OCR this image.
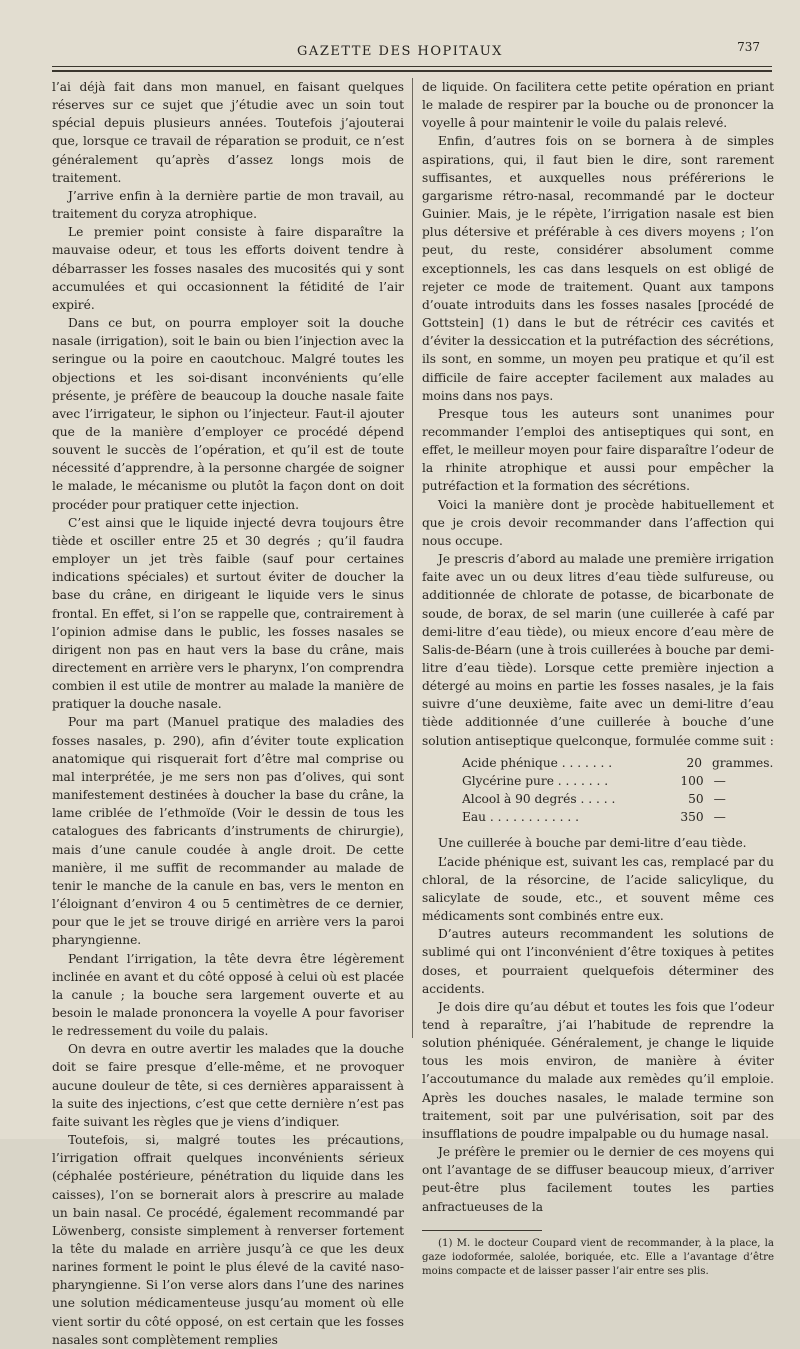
GAZETTE DES HOPITAUX	737

l’ai déjà fait dans mon manuel, en faisant quelques réserves sur ce sujet que j’étudie avec un soin tout spécial depuis plusieurs années. Toutefois j’ajouterai que, lorsque ce travail de réparation se produit, ce n’est généralement qu’après d’assez longs mois de traitement.

J’arrive enfin à la dernière partie de mon travail, au traitement du coryza atrophique.

Le premier point consiste à faire disparaître la mauvaise odeur, et tous les efforts doivent tendre à débarrasser les fosses nasales des mucosités qui y sont accumulées et qui occasionnent la fétidité de l’air expiré.

Dans ce but, on pourra employer soit la douche nasale (irrigation), soit le bain ou bien l’injection avec la seringue ou la poire en caoutchouc. Malgré toutes les objections et les soi-disant inconvénients qu’elle présente, je préfère de beaucoup la douche nasale faite avec l’irrigateur, le siphon ou l’injecteur. Faut-il ajouter que de la manière d’employer ce procédé dépend souvent le succès de l’opération, et qu’il est de toute nécessité d’apprendre, à la personne chargée de soigner le malade, le mécanisme ou plutôt la façon dont on doit procéder pour pratiquer cette injection.

C’est ainsi que le liquide injecté devra toujours être tiède et osciller entre 25 et 30 degrés ; qu’il faudra employer un jet très faible (sauf pour certaines indications spéciales) et surtout éviter de doucher la base du crâne, en dirigeant le liquide vers le sinus frontal. En effet, si l’on se rappelle que, contrairement à l’opinion admise dans le public, les fosses nasales se dirigent non pas en haut vers la base du crâne, mais directement en arrière vers le pharynx, l’on comprendra combien il est utile de montrer au malade la manière de pratiquer la douche nasale.

Pour ma part (Manuel pratique des maladies des fosses nasales, p. 290), afin d’éviter toute explication anatomique qui risquerait fort d’être mal comprise ou mal interprétée, je me sers non pas d’olives, qui sont manifestement destinées à doucher la base du crâne, la lame criblée de l’ethmoïde (Voir le dessin de tous les catalogues des fabricants d’instruments de chirurgie), mais d’une canule coudée à angle droit. De cette manière, il me suffit de recommander au malade de tenir le manche de la canule en bas, vers le menton en l’éloignant d’environ 4 ou 5 centimètres de ce dernier, pour que le jet se trouve dirigé en arrière vers la paroi pharyngienne.

Pendant l’irrigation, la tête devra être légèrement inclinée en avant et du côté opposé à celui où est placée la canule ; la bouche sera largement ouverte et au besoin le malade prononcera la voyelle A pour favoriser le redressement du voile du palais.

On devra en outre avertir les malades que la douche doit se faire presque d’elle-même, et ne provoquer aucune douleur de tête, si ces dernières apparaissent à la suite des injections, c’est que cette dernière n’est pas faite suivant les règles que je viens d’indiquer.

Toutefois, si, malgré toutes les précautions, l’irrigation offrait quelques inconvénients sérieux (céphalée postérieure, pénétration du liquide dans les caisses), l’on se bornerait alors à prescrire au malade un bain nasal. Ce procédé, également recommandé par Löwenberg, consiste simplement à renverser fortement la tête du malade en arrière jusqu’à ce que les deux narines forment le point le plus élevé de la cavité naso-pharyngienne. Si l’on verse alors dans l’une des narines une solution médicamenteuse jusqu’au moment où elle vient sortir du côté opposé, on est certain que les fosses nasales sont complètement remplies

de liquide. On facilitera cette petite opération en priant le malade de respirer par la bouche ou de prononcer la voyelle â pour maintenir le voile du palais relevé.

Enfin, d’autres fois on se bornera à de simples aspirations, qui, il faut bien le dire, sont rarement suffisantes, et auxquelles nous préférerions le gargarisme rétro-nasal, recommandé par le docteur Guinier. Mais, je le répète, l’irrigation nasale est bien plus détersive et préférable à ces divers moyens ; l’on peut, du reste, considérer absolument comme exceptionnels, les cas dans lesquels on est obligé de rejeter ce mode de traitement. Quant aux tampons d’ouate introduits dans les fosses nasales [procédé de Gottstein] (1) dans le but de rétrécir ces cavités et d’éviter la dessiccation et la putréfaction des sécrétions, ils sont, en somme, un moyen peu pratique et qu’il est difficile de faire accepter facilement aux malades au moins dans nos pays.

Presque tous les auteurs sont unanimes pour recommander l’emploi des antiseptiques qui sont, en effet, le meilleur moyen pour faire disparaître l’odeur de la rhinite atrophique et aussi pour empêcher la putréfaction et la formation des sécrétions.

Voici la manière dont je procède habituellement et que je crois devoir recommander dans l’affection qui nous occupe.

Je prescris d’abord au malade une première irrigation faite avec un ou deux litres d’eau tiède sulfureuse, ou additionnée de chlorate de potasse, de bicarbonate de soude, de borax, de sel marin (une cuillerée à café par demi-litre d’eau tiède), ou mieux encore d’eau mère de Salis-de-Béarn (une à trois cuillerées à bouche par demi-litre d’eau tiède). Lorsque cette première injection a détergé au moins en partie les fosses nasales, je la fais suivre d’une deuxième, faite avec un demi-litre d’eau tiède additionnée d’une cuillerée à bouche d’une solution antiseptique quelconque, formulée comme suit :

Acide phénique . . . . . . .	20 grammes.
Glycérine pure . . . . . . .	100 —
Alcool à 90 degrés . . . . .	50 —
Eau . . . . . . . . . . . .	350 —

Une cuillerée à bouche par demi-litre d’eau tiède.

L’acide phénique est, suivant les cas, remplacé par du chloral, de la résorcine, de l’acide salicylique, du salicylate de soude, etc., et souvent même ces médicaments sont combinés entre eux.

D’autres auteurs recommandent les solutions de sublimé qui ont l’inconvénient d’être toxiques à petites doses, et pourraient quelquefois déterminer des accidents.

Je dois dire qu’au début et toutes les fois que l’odeur tend à reparaître, j’ai l’habitude de reprendre la solution phéniquée. Généralement, je change le liquide tous les mois environ, de manière à éviter l’accoutumance du malade aux remèdes qu’il emploie. Après les douches nasales, le malade termine son traitement, soit par une pulvérisation, soit par des insufflations de poudre impalpable ou du humage nasal.

Je préfère le premier ou le dernier de ces moyens qui ont l’avantage de se diffuser beaucoup mieux, d’arriver peut-être plus facilement toutes les parties anfractueuses de la

(1) M. le docteur Coupard vient de recommander, à la place, la gaze iodoformée, salolée, boriquée, etc. Elle a l’avantage d’être moins compacte et de laisser passer l’air entre ses plis.
